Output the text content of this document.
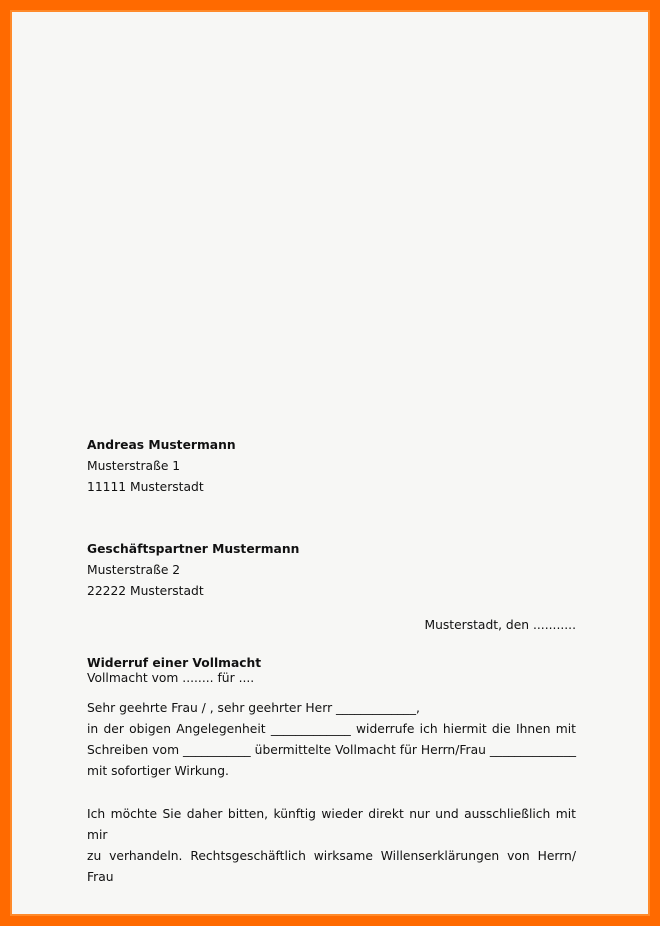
Andreas Mustermann
Musterstraße 1
11111 Musterstadt
Geschäftspartner Mustermann
Musterstraße 2
22222 Musterstadt
Musterstadt, den ...........
Widerruf einer Vollmacht
Vollmacht vom ........ für ....
Sehr geehrte Frau / , sehr geehrter Herr _____________,
in der obigen Angelegenheit _____________ widerrufe ich hiermit die Ihnen mit
Schreiben vom ___________ übermittelte Vollmacht für Herrn/Frau ______________
mit sofortiger Wirkung.
Ich möchte Sie daher bitten, künftig wieder direkt nur und ausschließlich mit mir
zu verhandeln. Rechtsgeschäftlich wirksame Willenserklärungen von Herrn/ Frau
